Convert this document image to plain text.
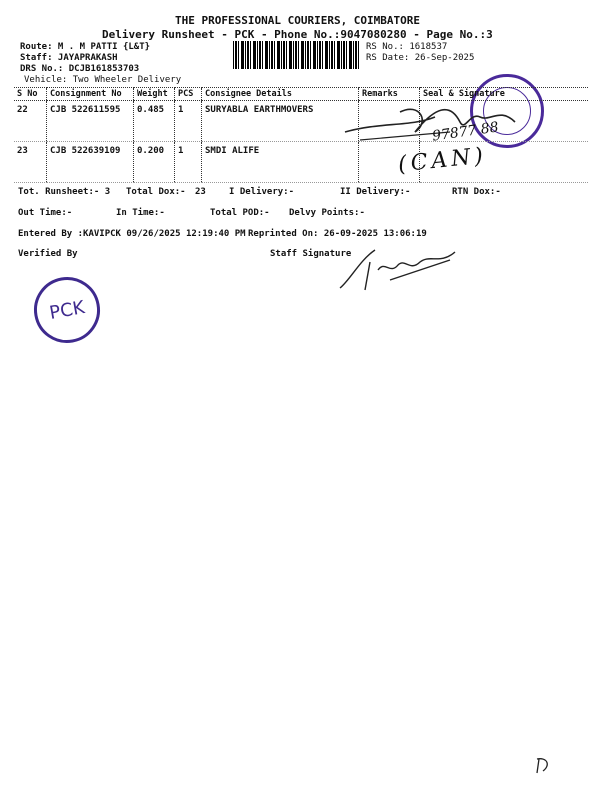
THE PROFESSIONAL COURIERS, COIMBATORE
Delivery Runsheet - PCK - Phone No.:9047080280 - Page No.:3
Route: M . M PATTI {L&T}
Staff: JAYAPRAKASH
DRS No.: DCJB161853703
Vehicle: Two Wheeler Delivery
RS No.: 1618537
RS Date: 26-Sep-2025
S No	Consignment No	Weight	PCS	Consignee Details	Remarks	Seal & Signature
22	CJB 522611595	0.485	1	SURYABLA EARTHMOVERS		
23	CJB 522639109	0.200	1	SMDI ALIFE		
97877 88
(CAN)
Tot. Runsheet:- 3 Total Dox:- 23	I Delivery:-	II Delivery:-	RTN Dox:-
Out Time:-	In Time:-	Total POD:- Delvy Points:-
Entered By :KAVIPCK 09/26/2025 12:19:40 PM Reprinted On: 26-09-2025 13:06:19
Verified By	Staff Signature
PCK
